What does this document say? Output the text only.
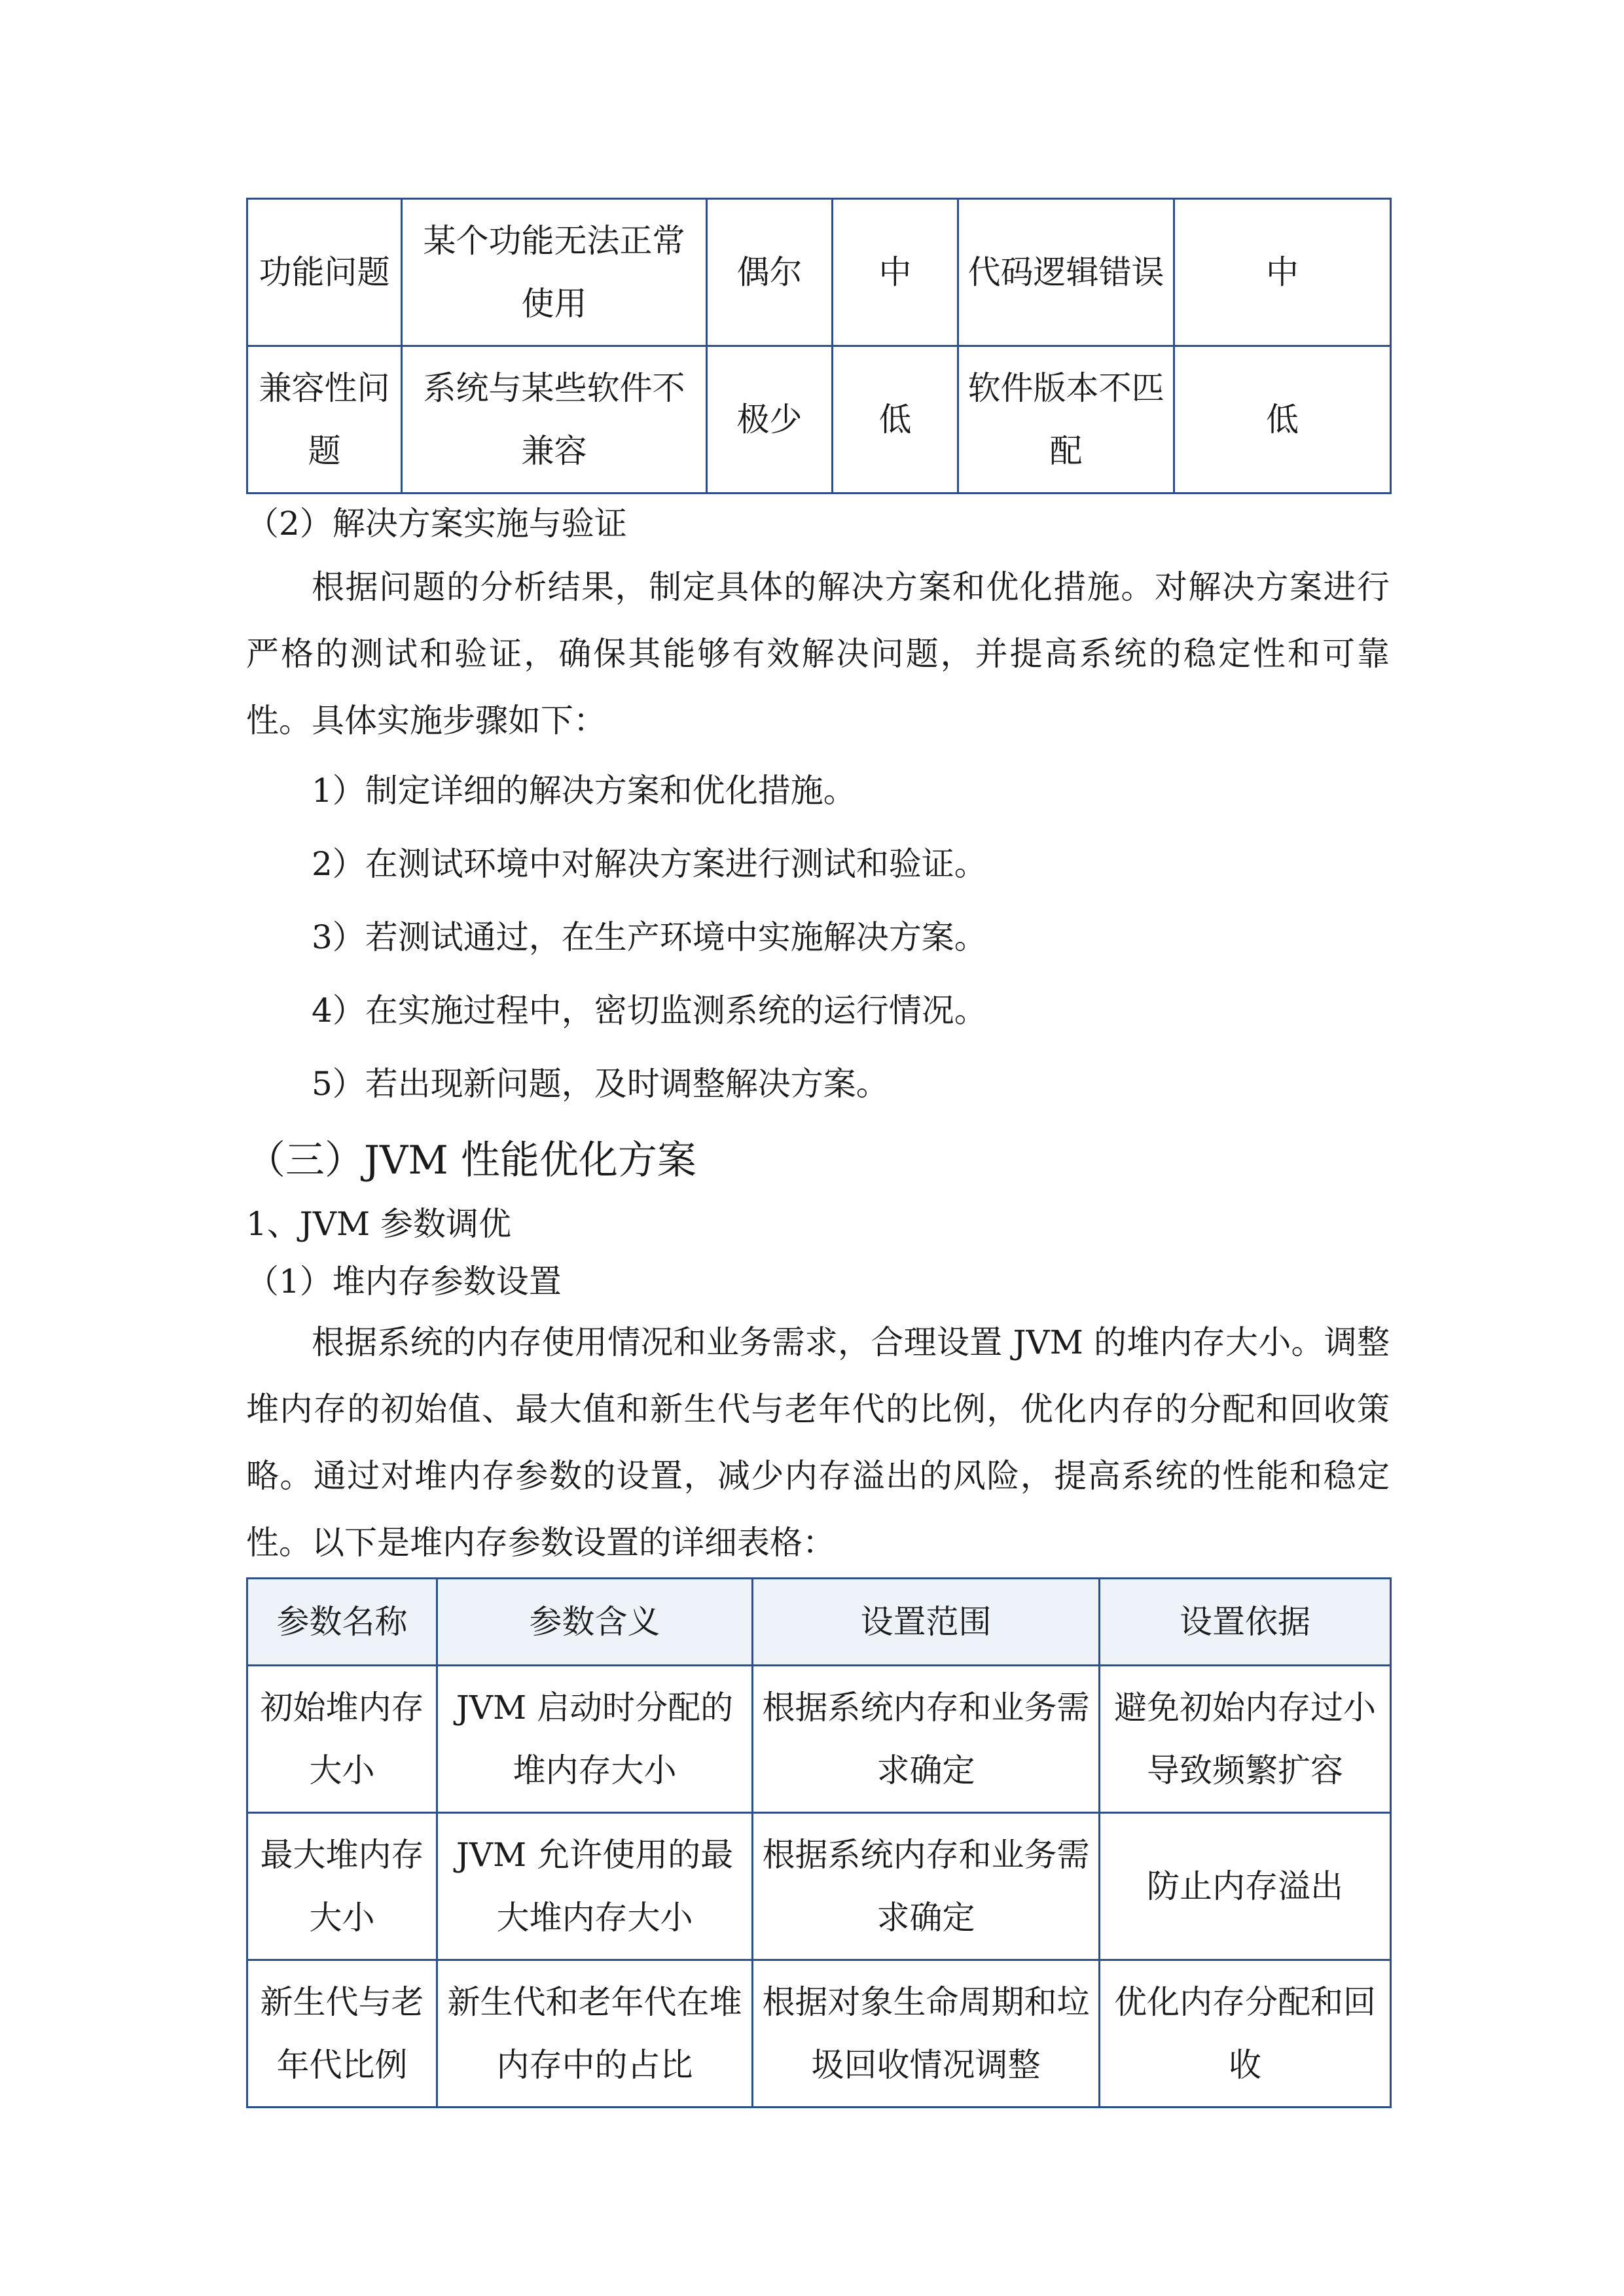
功能问题	某个功能无法正常使用	偶尔	中	代码逻辑错误	中
兼容性问题	系统与某些软件不兼容	极少	低	软件版本不匹配	低
（2）解决方案实施与验证
根据问题的分析结果，制定具体的解决方案和优化措施。对解决方案进行严格的测试和验证，确保其能够有效解决问题，并提高系统的稳定性和可靠性。具体实施步骤如下：
1）制定详细的解决方案和优化措施。
2）在测试环境中对解决方案进行测试和验证。
3）若测试通过，在生产环境中实施解决方案。
4）在实施过程中，密切监测系统的运行情况。
5）若出现新问题，及时调整解决方案。
（三）JVM 性能优化方案
1、JVM 参数调优
（1）堆内存参数设置
根据系统的内存使用情况和业务需求，合理设置 JVM 的堆内存大小。调整堆内存的初始值、最大值和新生代与老年代的比例，优化内存的分配和回收策略。通过对堆内存参数的设置，减少内存溢出的风险，提高系统的性能和稳定性。以下是堆内存参数设置的详细表格：
参数名称	参数含义	设置范围	设置依据
初始堆内存大小	JVM 启动时分配的堆内存大小	根据系统内存和业务需求确定	避免初始内存过小导致频繁扩容
最大堆内存大小	JVM 允许使用的最大堆内存大小	根据系统内存和业务需求确定	防止内存溢出
新生代与老年代比例	新生代和老年代在堆内存中的占比	根据对象生命周期和垃圾回收情况调整	优化内存分配和回收
